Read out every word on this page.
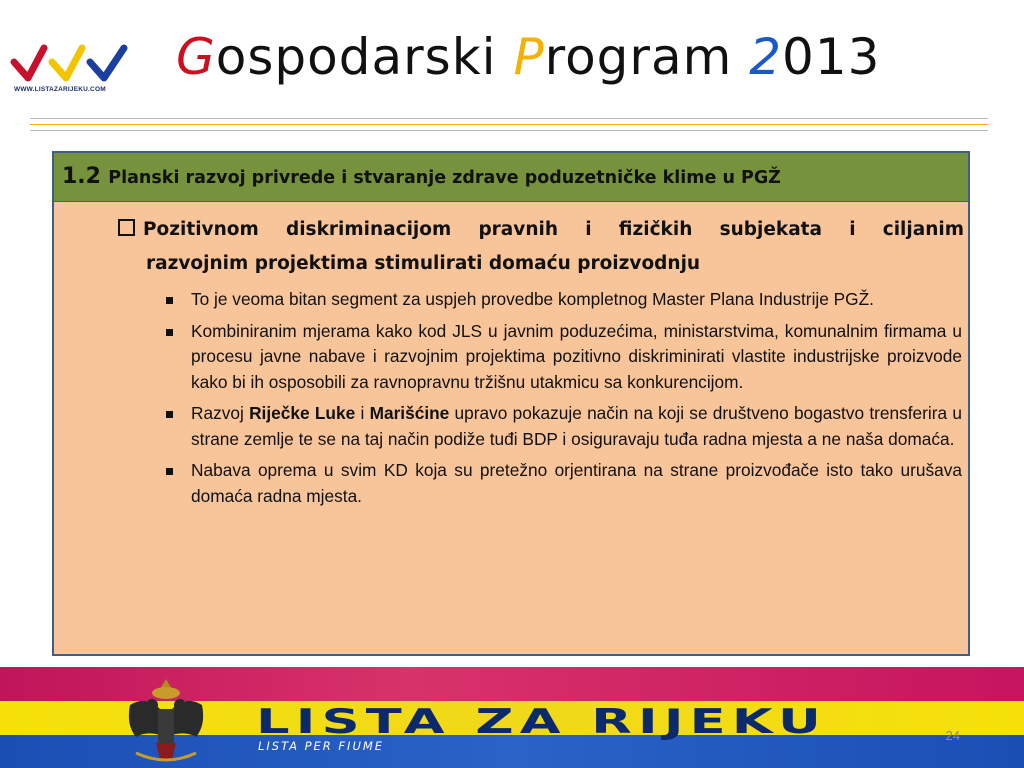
WWW.LISTAZARIJEKU.COM
Gospodarski Program 2013
1.2 Planski razvoj privrede i stvaranje zdrave poduzetničke klime u PGŽ
Pozitivnom diskriminacijom pravnih i fizičkih subjekata i ciljanim
razvojnim projektima stimulirati domaću proizvodnju
To je veoma bitan segment za uspjeh provedbe kompletnog Master Plana Industrije PGŽ.
Kombiniranim mjerama kako kod JLS u javnim poduzećima, ministarstvima, komunalnim firmama u procesu javne nabave i razvojnim projektima pozitivno diskriminirati vlastite industrijske proizvode kako bi ih osposobili za ravnopravnu tržišnu utakmicu sa konkurencijom.
Razvoj Riječke Luke i Marišćine upravo pokazuje način na koji se društveno bogastvo trensferira u strane zemlje te se na taj način podiže tuđi BDP i osiguravaju tuđa radna mjesta a ne naša domaća.
Nabava oprema u svim KD koja su pretežno orjentirana na strane proizvođače isto tako urušava domaća radna mjesta.
LISTA ZA RIJEKU
LISTA PER FIUME
24
